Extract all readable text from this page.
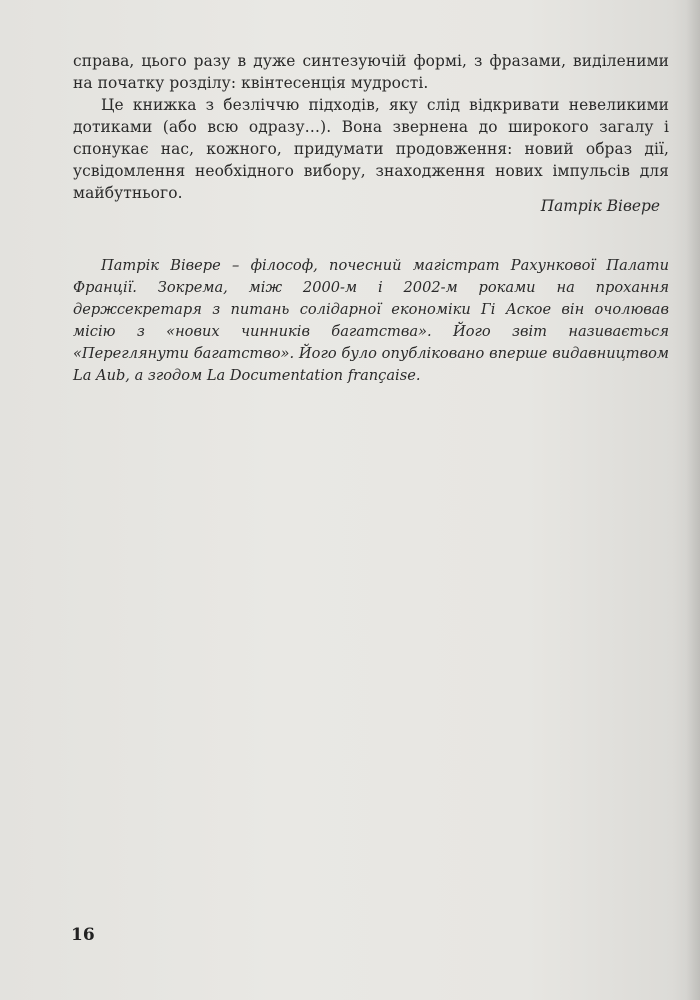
справа, цього разу в дуже синтезуючій формі, з фразами, виділеними на початку розділу: квінтесенція мудрості.

Це книжка з безліччю підходів, яку слід відкривати невеликими дотиками (або всю одразу…). Вона звернена до широкого загалу і спонукає нас, кожного, придумати продовження: новий образ дії, усвідомлення необхідного вибору, знаходження нових імпульсів для майбутнього.

Патрік Вівере

Патрік Вівере – філософ, почесний магістрат Рахункової Палати Франції. Зокрема, між 2000-м і 2002-м роками на прохання держсекретаря з питань солідарної економіки Гі Аское він очолював місію з «нових чинників багатства». Його звіт називається «Переглянути багатство». Його було опубліковано вперше видавництвом La Aub, а згодом La Documentation française.

16
